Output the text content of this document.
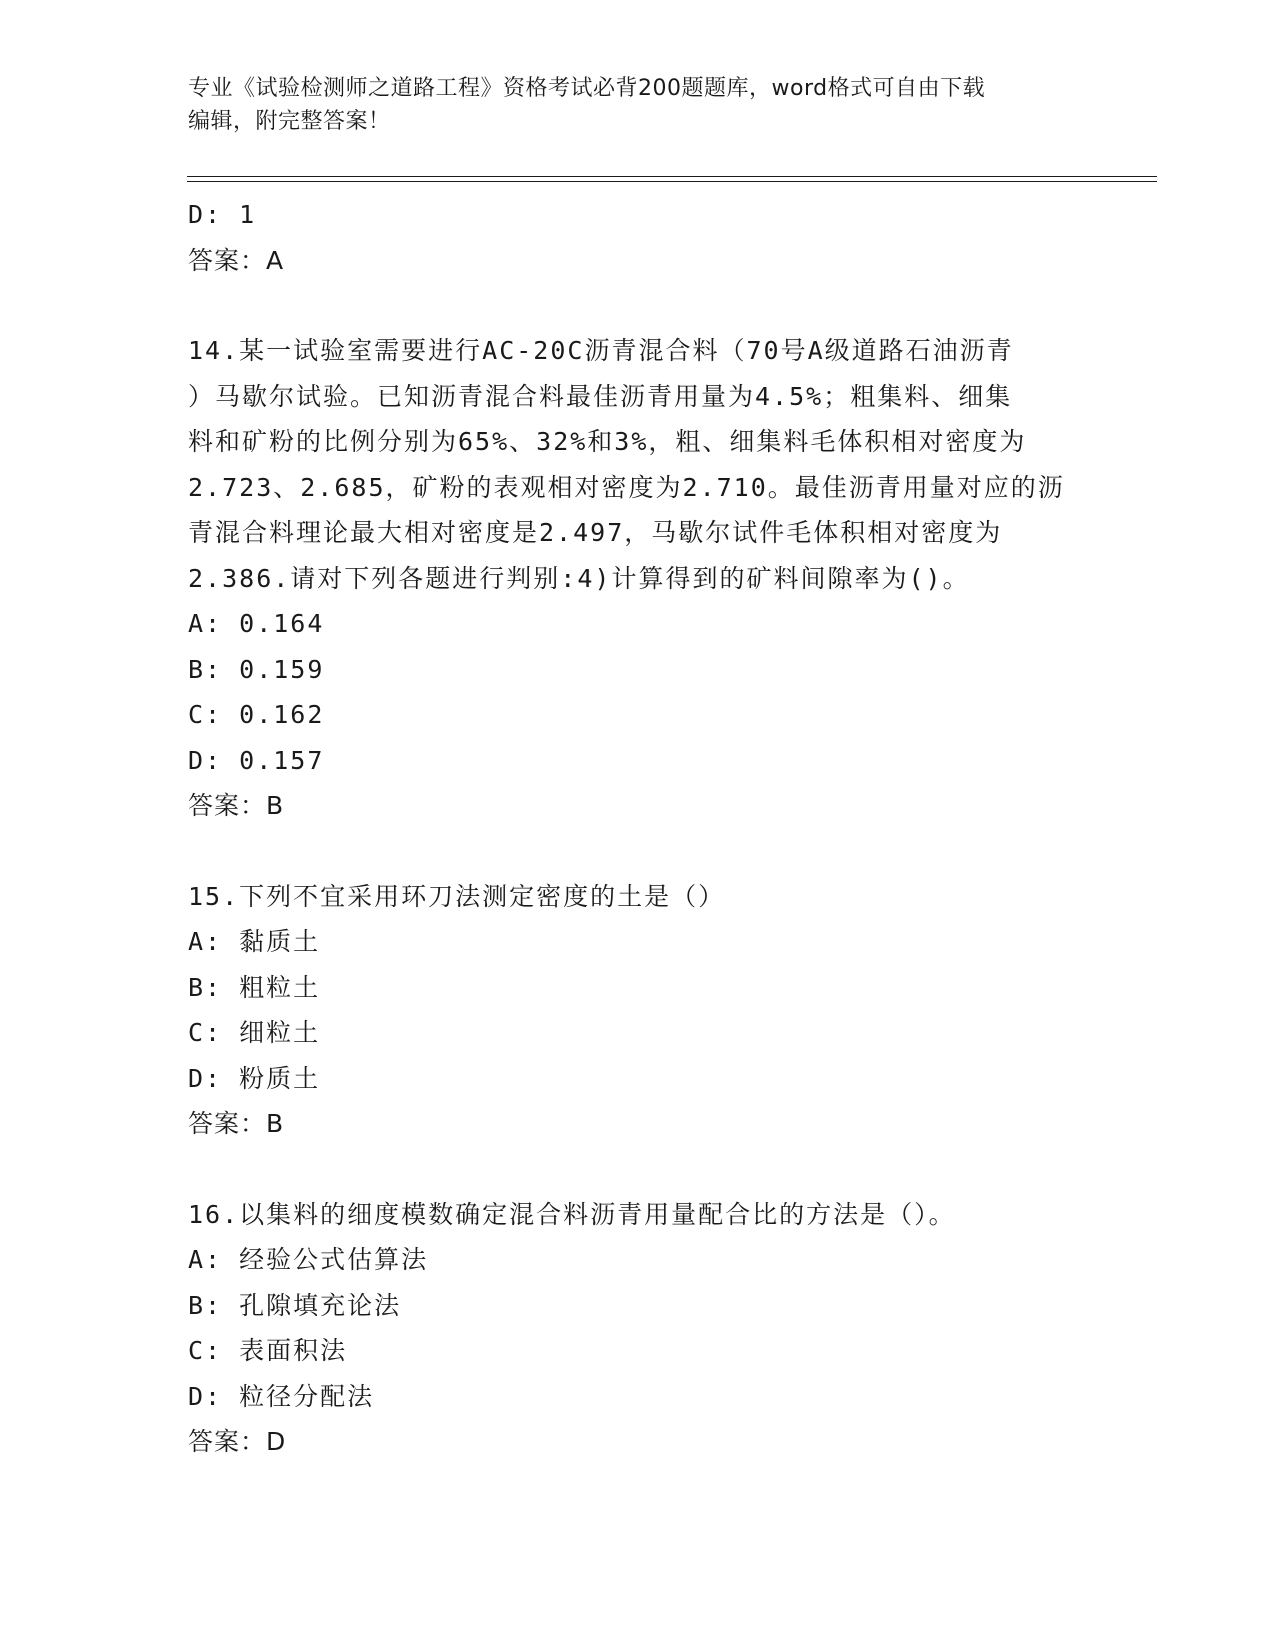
专业《试验检测师之道路工程》资格考试必背200题题库，word格式可自由下载
编辑，附完整答案！
D: 1
答案：A
14.某一试验室需要进行AC-20C沥青混合料（70号A级道路石油沥青
）马歇尔试验。已知沥青混合料最佳沥青用量为4.5%；粗集料、细集
料和矿粉的比例分别为65%、32%和3%，粗、细集料毛体积相对密度为
2.723、2.685，矿粉的表观相对密度为2.710。最佳沥青用量对应的沥
青混合料理论最大相对密度是2.497，马歇尔试件毛体积相对密度为
2.386.请对下列各题进行判别:4)计算得到的矿料间隙率为()。
A: 0.164
B: 0.159
C: 0.162
D: 0.157
答案：B
15.下列不宜采用环刀法测定密度的土是（）
A: 黏质土
B: 粗粒土
C: 细粒土
D: 粉质土
答案：B
16.以集料的细度模数确定混合料沥青用量配合比的方法是（）。
A: 经验公式估算法
B: 孔隙填充论法
C: 表面积法
D: 粒径分配法
答案：D
